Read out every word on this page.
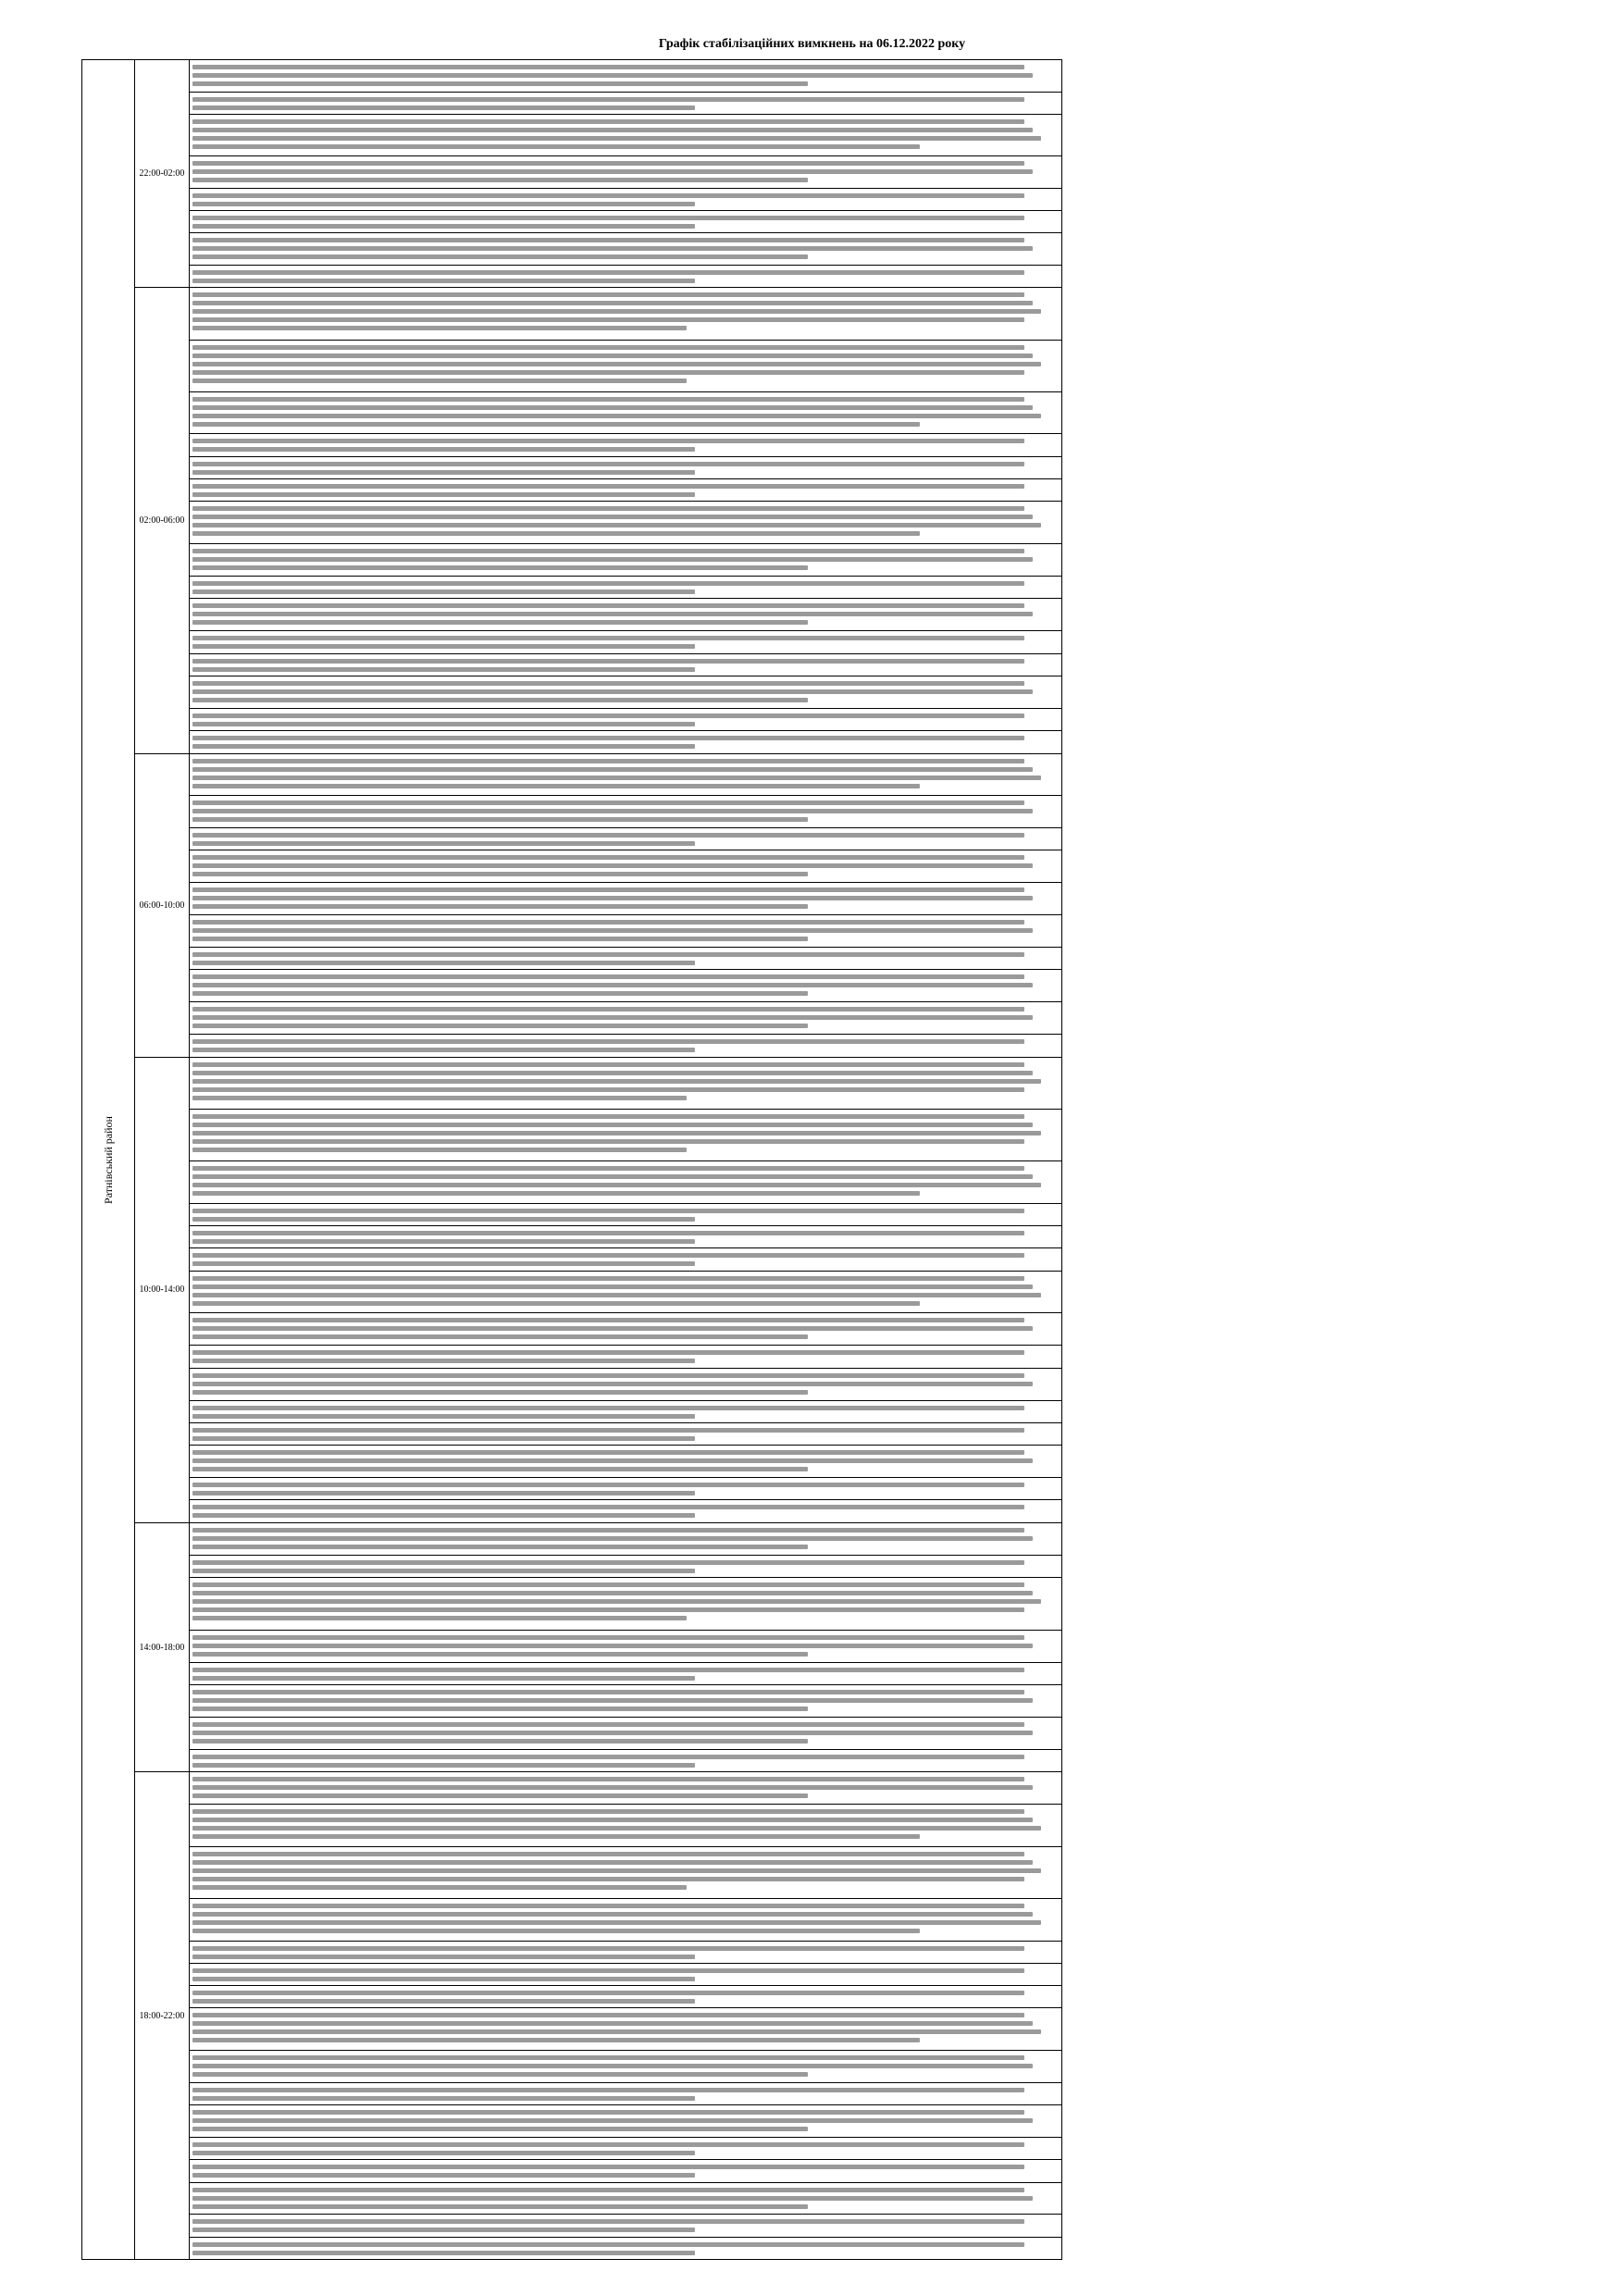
Графік стабілізаційних вимкнень на 06.12.2022 року
Ратнівський район
22:00-02:00
02:00-06:00
06:00-10:00
10:00-14:00
14:00-18:00
18:00-22:00
